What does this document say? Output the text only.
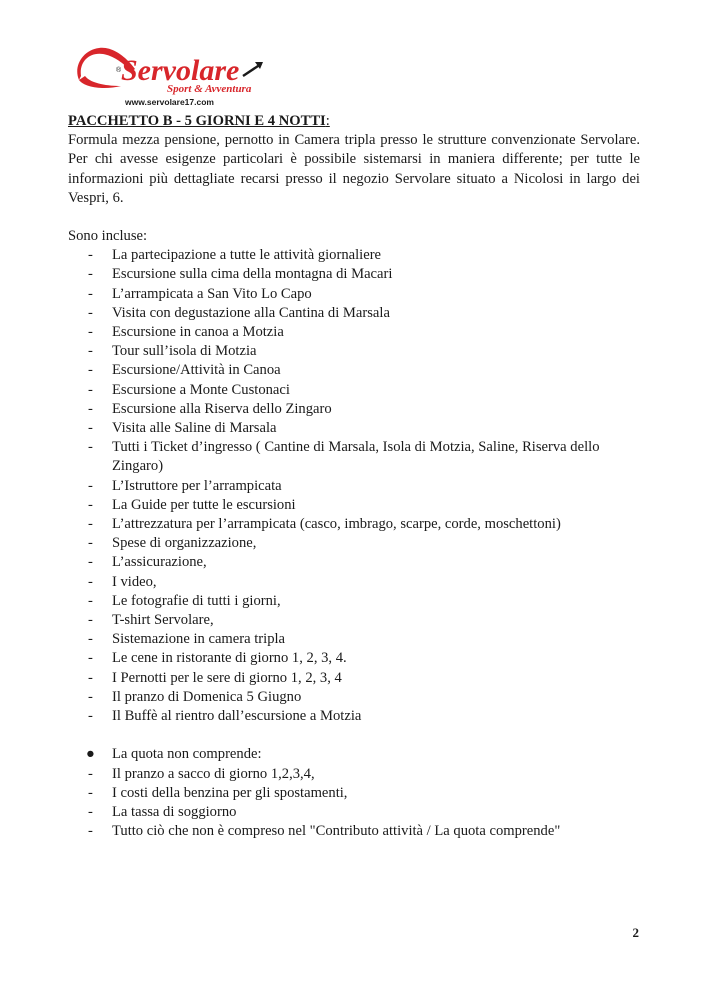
Servolare
®
Sport & Avventura
www.servolare17.com

PACCHETTO B - 5 GIORNI E 4 NOTTI:

Formula mezza pensione, pernotto in Camera tripla presso le strutture convenzionate Servolare. Per chi avesse esigenze particolari è possibile sistemarsi in maniera differente; per tutte le informazioni più dettagliate recarsi presso il negozio Servolare situato a Nicolosi in largo dei Vespri, 6.

Sono incluse:

- La partecipazione a tutte le attività giornaliere
- Escursione sulla cima della montagna di Macari
- L’arrampicata a San Vito Lo Capo
- Visita con degustazione alla Cantina di Marsala
- Escursione in canoa a Motzia
- Tour sull’isola di Motzia
- Escursione/Attività in Canoa
- Escursione a Monte Custonaci
- Escursione alla Riserva dello Zingaro
- Visita alle Saline di Marsala
- Tutti i Ticket d’ingresso ( Cantine di Marsala, Isola di Motzia, Saline, Riserva dello Zingaro)
- L’Istruttore per l’arrampicata
- La Guide per tutte le escursioni
- L’attrezzatura per l’arrampicata (casco, imbrago, scarpe, corde, moschettoni)
- Spese di organizzazione,
- L’assicurazione,
- I video,
- Le fotografie di tutti i giorni,
- T-shirt Servolare,
- Sistemazione in camera tripla
- Le cene in ristorante di giorno 1, 2, 3, 4.
- I Pernotti per le sere di giorno 1, 2, 3, 4
- Il pranzo di Domenica 5 Giugno
- Il Buffè al rientro dall’escursione a Motzia
● La quota non comprende:
- Il pranzo a sacco di giorno 1,2,3,4,
- I costi della benzina per gli spostamenti,
- La tassa di soggiorno
- Tutto ciò che non è compreso nel "Contributo attività / La quota comprende"
2
